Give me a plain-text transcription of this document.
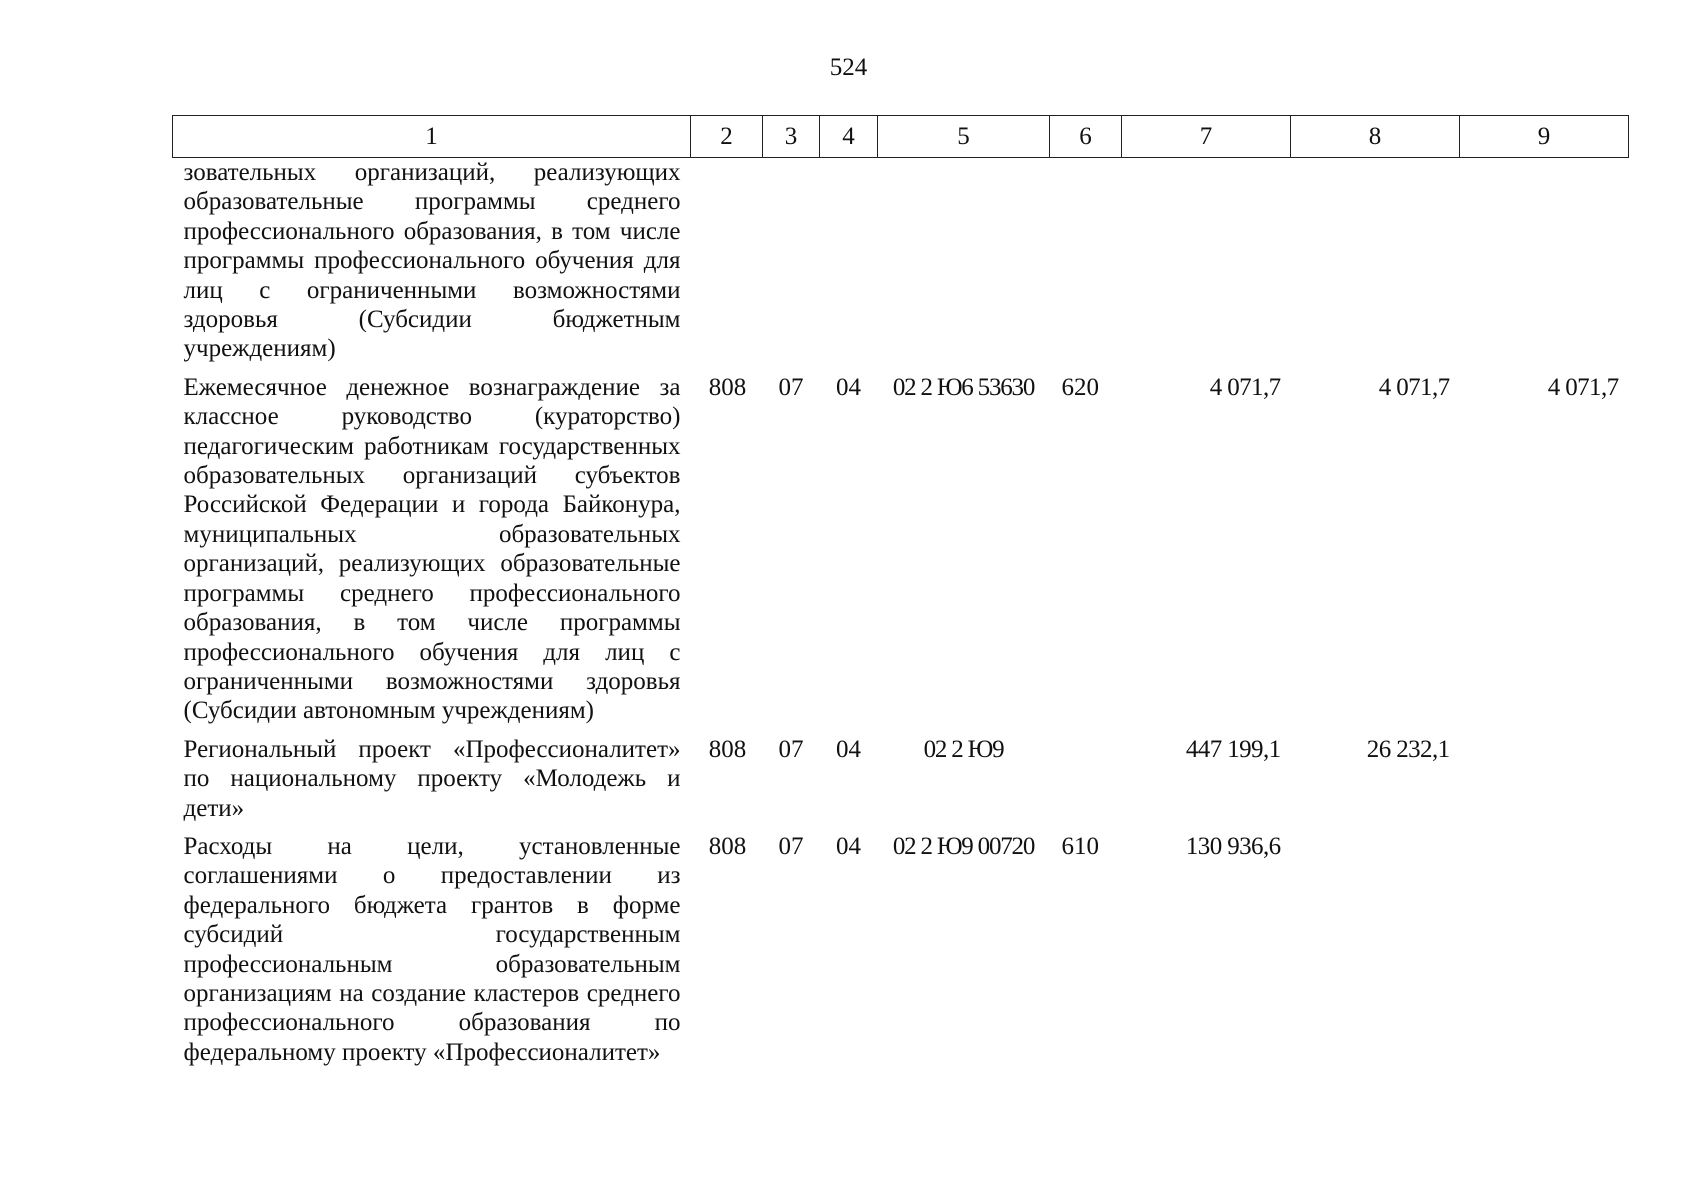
524
1	2	3	4	5	6	7	8	9
зовательных организаций, реализующих образовательные программы среднего профессионального образования, в том числе программы профессионального обучения для лиц с ограниченными возможностями здоровья (Субсидии бюджетным учреждениям)								
Ежемесячное денежное вознаграждение за классное руководство (кураторство) педагогическим работникам государственных образовательных организаций субъектов Российской Федерации и города Байконура, муниципальных образовательных организаций, реализующих образовательные программы среднего профессионального образования, в том числе программы профессионального обучения для лиц с ограниченными возможностями здоровья (Субсидии автономным учреждениям)	808	07	04	02 2 Ю6 53630	620	4 071,7	4 071,7	4 071,7
Региональный проект «Профессионалитет» по национальному проекту «Молодежь и дети»	808	07	04	02 2 Ю9		447 199,1	26 232,1	
Расходы на цели, установленные соглашениями о предоставлении из федерального бюджета грантов в форме субсидий государственным профессиональным образовательным организациям на создание кластеров среднего профессионального образования по федеральному проекту «Профессионалитет»	808	07	04	02 2 Ю9 00720	610	130 936,6		
